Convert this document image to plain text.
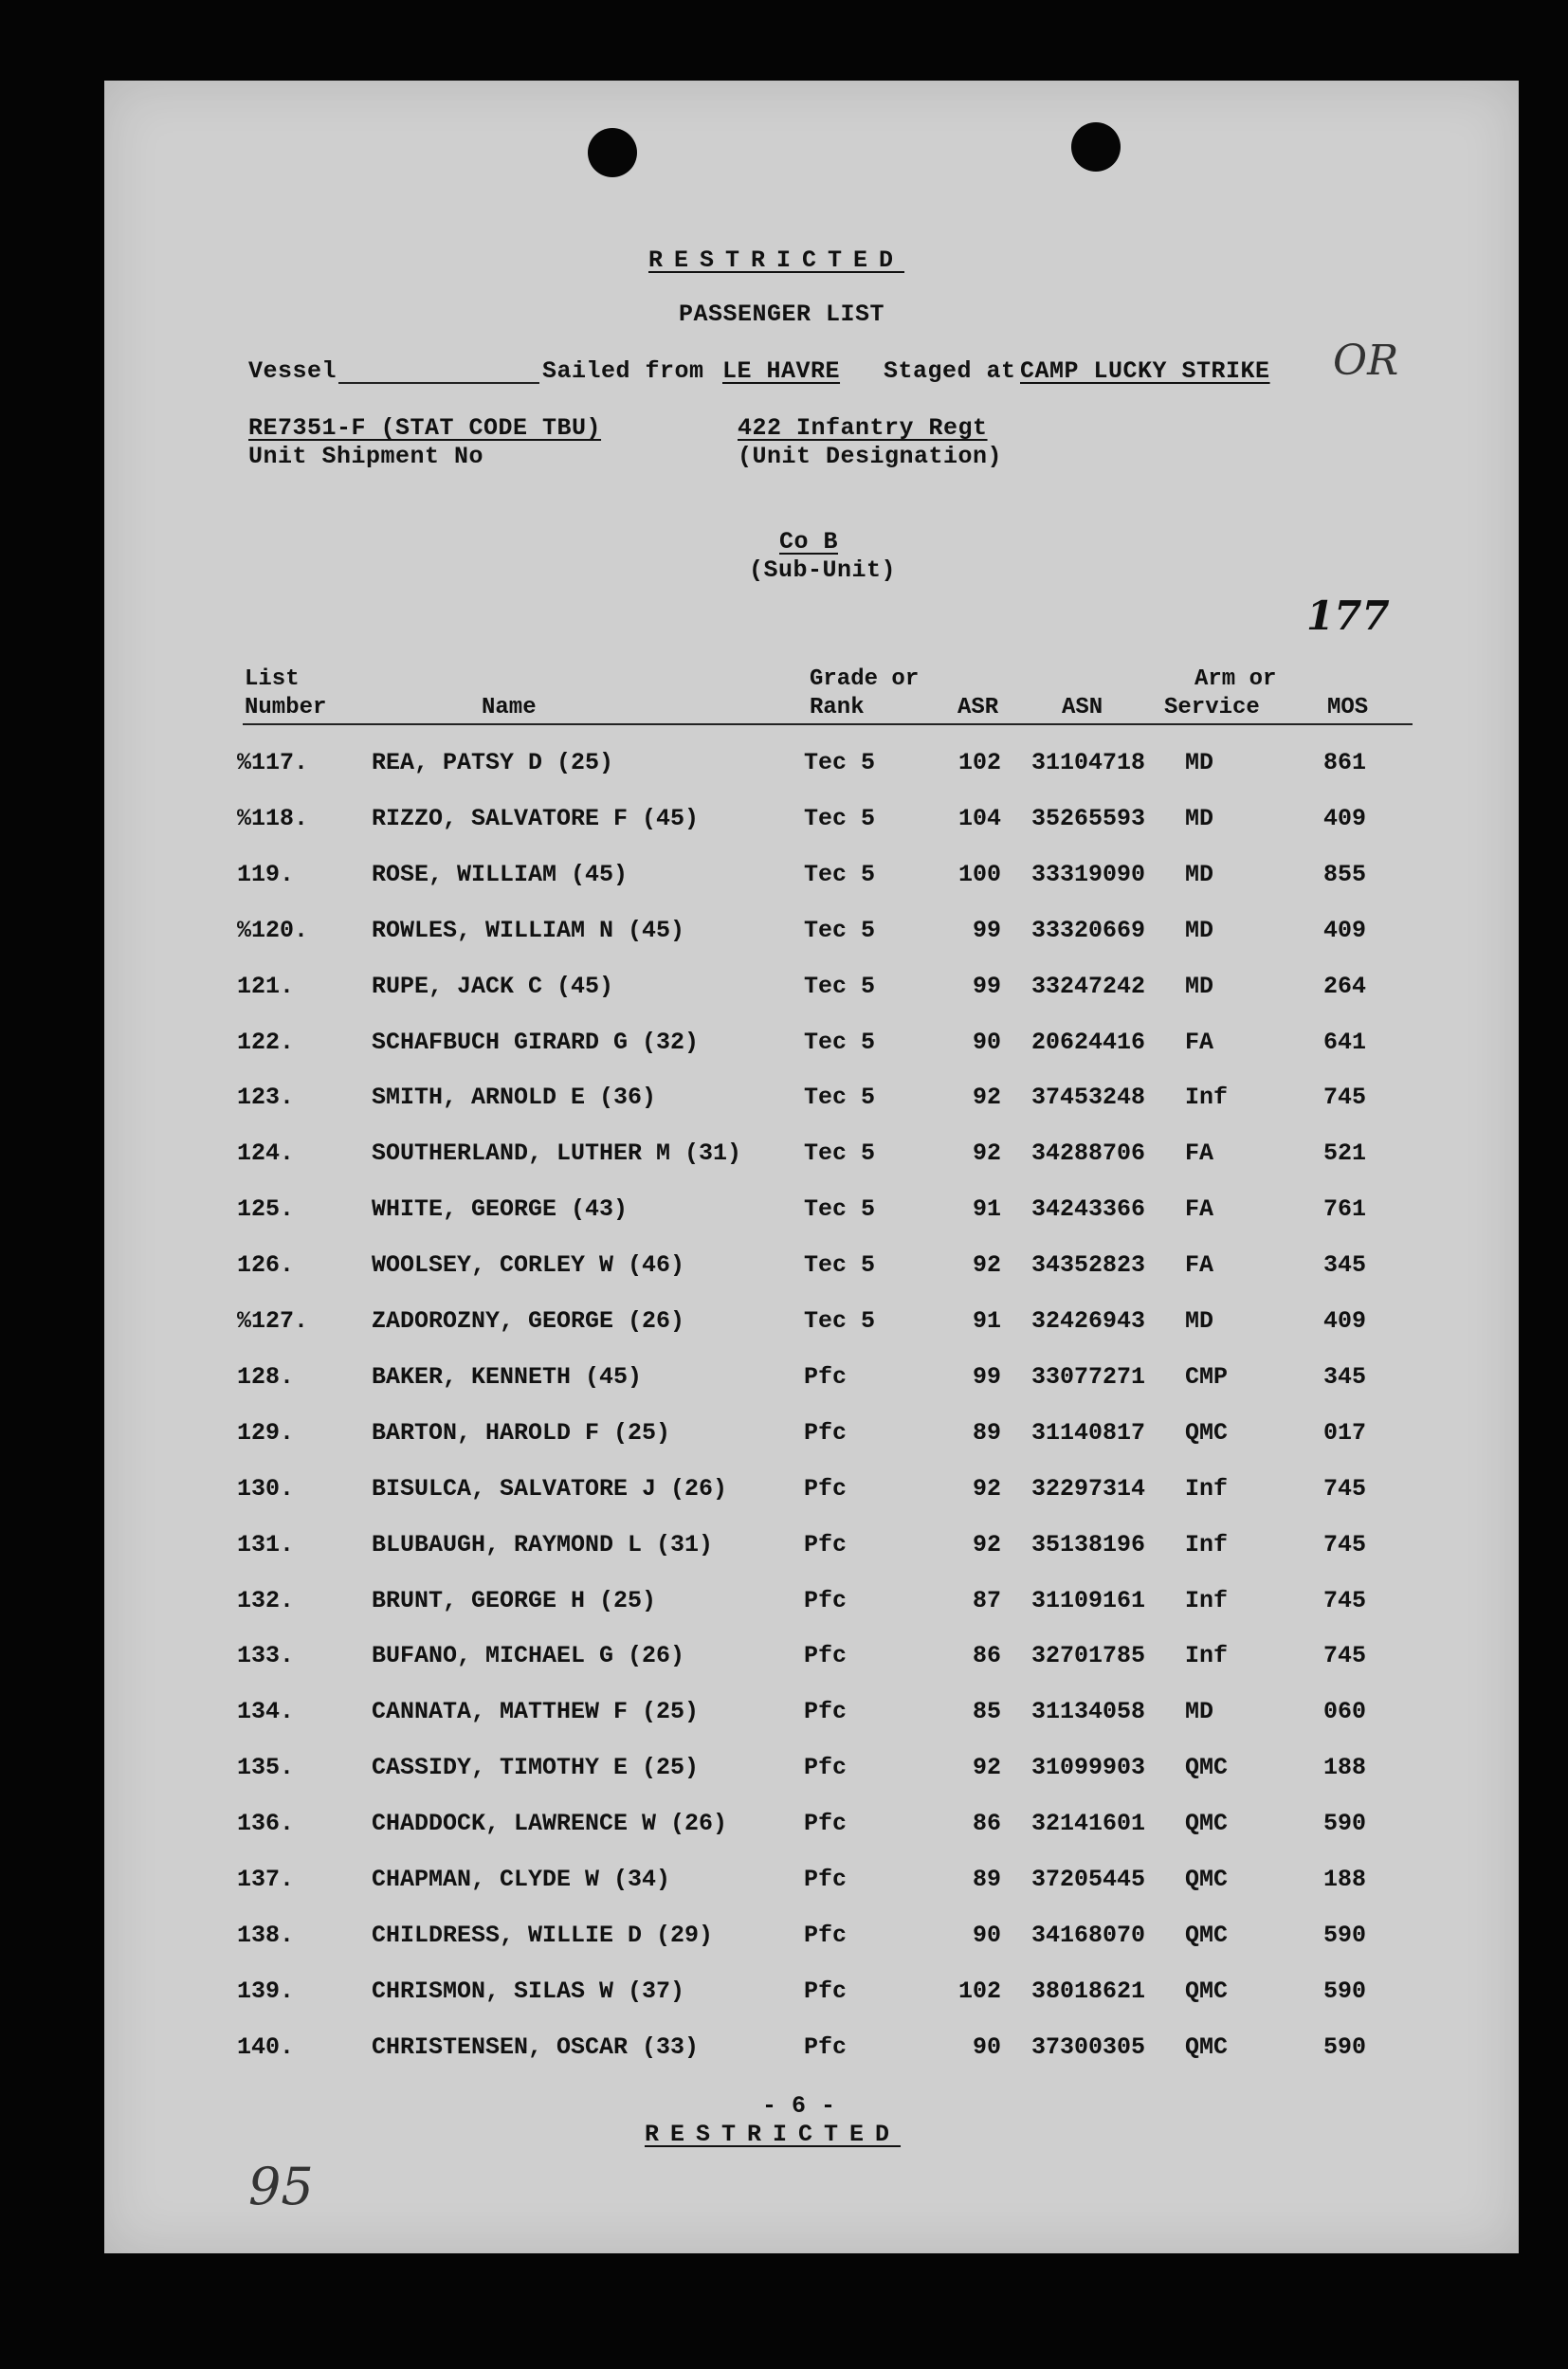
RESTRICTED
PASSENGER LIST
Vessel	Sailed from LE HAVRE Staged at CAMP LUCKY STRIKE OR
RE7351-F (STAT CODE TBU)
Unit Shipment No
422 Infantry Regt
(Unit Designation)
Co B
(Sub-Unit)
177
List
Number	Name
Grade or
Rank	ASR	ASN
Arm or
Service	MOS
%117.	REA, PATSY D (25)	Tec 5	102 31104718 MD	861
%118.	RIZZO, SALVATORE F (45)	Tec 5	104 35265593 MD	409
119.	ROSE, WILLIAM (45)	Tec 5	100 33319090 MD	855
%120.	ROWLES, WILLIAM N (45)	Tec 5	99 33320669 MD	409
121.	RUPE, JACK C (45)	Tec 5	99 33247242 MD	264
122.	SCHAFBUCH GIRARD G (32)	Tec 5	90 20624416 FA	641
123.	SMITH, ARNOLD E (36)	Tec 5	92 37453248 Inf	745
124.	SOUTHERLAND, LUTHER M (31)	Tec 5	92 34288706 FA	521
125.	WHITE, GEORGE (43)	Tec 5	91 34243366 FA	761
126.	WOOLSEY, CORLEY W (46)	Tec 5	92 34352823 FA	345
%127.	ZADOROZNY, GEORGE (26)	Tec 5	91 32426943 MD	409
128.	BAKER, KENNETH (45)	Pfc	99 33077271 CMP	345
129.	BARTON, HAROLD F (25)	Pfc	89 31140817 QMC	017
130.	BISULCA, SALVATORE J (26)	Pfc	92 32297314 Inf	745
131.	BLUBAUGH, RAYMOND L (31)	Pfc	92 35138196 Inf	745
132.	BRUNT, GEORGE H (25)	Pfc	87 31109161 Inf	745
133.	BUFANO, MICHAEL G (26)	Pfc	86 32701785 Inf	745
134.	CANNATA, MATTHEW F (25)	Pfc	85 31134058 MD	060
135.	CASSIDY, TIMOTHY E (25)	Pfc	92 31099903 QMC	188
136.	CHADDOCK, LAWRENCE W (26)	Pfc	86 32141601 QMC	590
137.	CHAPMAN, CLYDE W (34)	Pfc	89 37205445 QMC	188
138.	CHILDRESS, WILLIE D (29)	Pfc	90 34168070 QMC	590
139.	CHRISMON, SILAS W (37)	Pfc	102 38018621 QMC	590
140.	CHRISTENSEN, OSCAR (33)	Pfc	90 37300305 QMC	590
- 6 -
RESTRICTED
95
